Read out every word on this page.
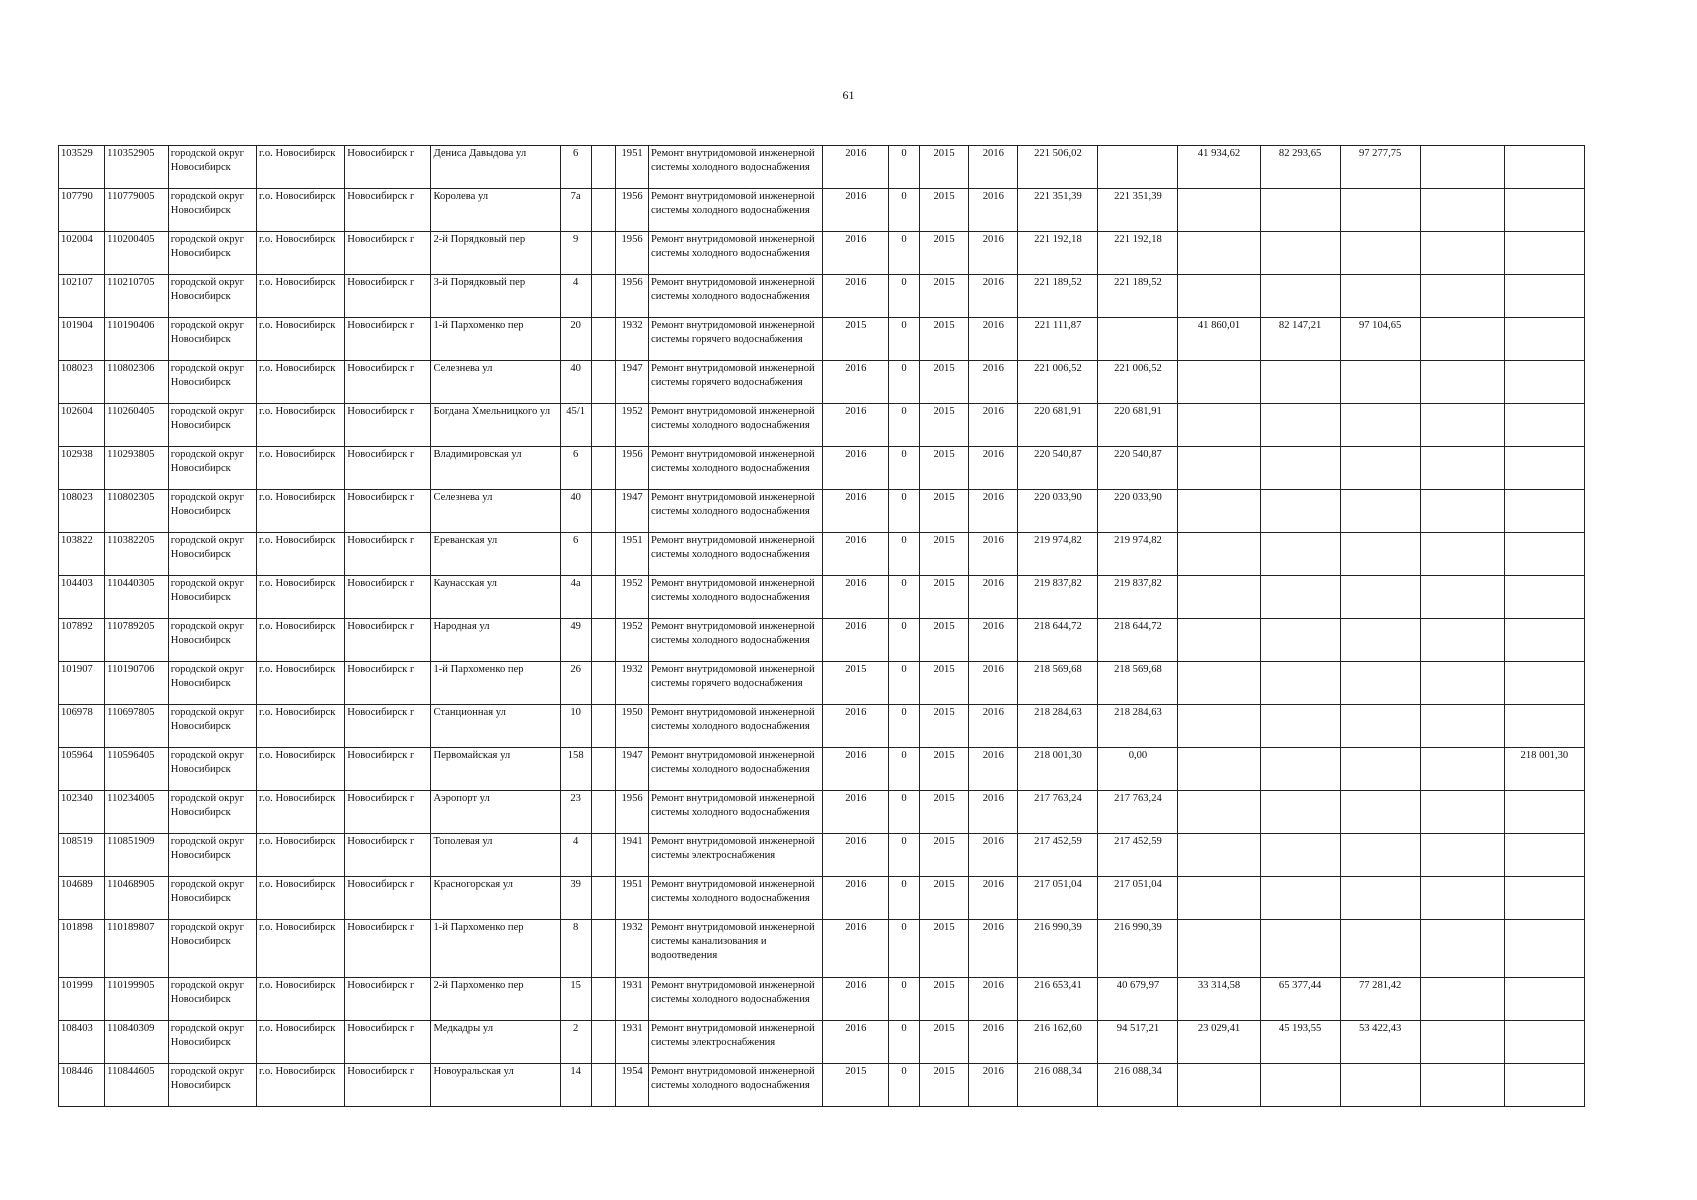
61
103529	110352905	городской округ Новосибирск	г.о. Новосибирск	Новосибирск г	Дениса Давыдова ул	6		1951	Ремонт внутридомовой инженерной системы холодного водоснабжения	2016	0	2015	2016	221 506,02		41 934,62	82 293,65	97 277,75		
107790	110779005	городской округ Новосибирск	г.о. Новосибирск	Новосибирск г	Королева ул	7а		1956	Ремонт внутридомовой инженерной системы холодного водоснабжения	2016	0	2015	2016	221 351,39	221 351,39					
102004	110200405	городской округ Новосибирск	г.о. Новосибирск	Новосибирск г	2-й Порядковый пер	9		1956	Ремонт внутридомовой инженерной системы холодного водоснабжения	2016	0	2015	2016	221 192,18	221 192,18					
102107	110210705	городской округ Новосибирск	г.о. Новосибирск	Новосибирск г	3-й Порядковый пер	4		1956	Ремонт внутридомовой инженерной системы холодного водоснабжения	2016	0	2015	2016	221 189,52	221 189,52					
101904	110190406	городской округ Новосибирск	г.о. Новосибирск	Новосибирск г	1-й Пархоменко пер	20		1932	Ремонт внутридомовой инженерной системы горячего водоснабжения	2015	0	2015	2016	221 111,87		41 860,01	82 147,21	97 104,65		
108023	110802306	городской округ Новосибирск	г.о. Новосибирск	Новосибирск г	Селезнева ул	40		1947	Ремонт внутридомовой инженерной системы горячего водоснабжения	2016	0	2015	2016	221 006,52	221 006,52					
102604	110260405	городской округ Новосибирск	г.о. Новосибирск	Новосибирск г	Богдана Хмельницкого ул	45/1		1952	Ремонт внутридомовой инженерной системы холодного водоснабжения	2016	0	2015	2016	220 681,91	220 681,91					
102938	110293805	городской округ Новосибирск	г.о. Новосибирск	Новосибирск г	Владимировская ул	6		1956	Ремонт внутридомовой инженерной системы холодного водоснабжения	2016	0	2015	2016	220 540,87	220 540,87					
108023	110802305	городской округ Новосибирск	г.о. Новосибирск	Новосибирск г	Селезнева ул	40		1947	Ремонт внутридомовой инженерной системы холодного водоснабжения	2016	0	2015	2016	220 033,90	220 033,90					
103822	110382205	городской округ Новосибирск	г.о. Новосибирск	Новосибирск г	Ереванская ул	6		1951	Ремонт внутридомовой инженерной системы холодного водоснабжения	2016	0	2015	2016	219 974,82	219 974,82					
104403	110440305	городской округ Новосибирск	г.о. Новосибирск	Новосибирск г	Каунасская ул	4а		1952	Ремонт внутридомовой инженерной системы холодного водоснабжения	2016	0	2015	2016	219 837,82	219 837,82					
107892	110789205	городской округ Новосибирск	г.о. Новосибирск	Новосибирск г	Народная ул	49		1952	Ремонт внутридомовой инженерной системы холодного водоснабжения	2016	0	2015	2016	218 644,72	218 644,72					
101907	110190706	городской округ Новосибирск	г.о. Новосибирск	Новосибирск г	1-й Пархоменко пер	26		1932	Ремонт внутридомовой инженерной системы горячего водоснабжения	2015	0	2015	2016	218 569,68	218 569,68					
106978	110697805	городской округ Новосибирск	г.о. Новосибирск	Новосибирск г	Станционная ул	10		1950	Ремонт внутридомовой инженерной системы холодного водоснабжения	2016	0	2015	2016	218 284,63	218 284,63					
105964	110596405	городской округ Новосибирск	г.о. Новосибирск	Новосибирск г	Первомайская ул	158		1947	Ремонт внутридомовой инженерной системы холодного водоснабжения	2016	0	2015	2016	218 001,30	0,00					218 001,30
102340	110234005	городской округ Новосибирск	г.о. Новосибирск	Новосибирск г	Аэропорт ул	23		1956	Ремонт внутридомовой инженерной системы холодного водоснабжения	2016	0	2015	2016	217 763,24	217 763,24					
108519	110851909	городской округ Новосибирск	г.о. Новосибирск	Новосибирск г	Тополевая ул	4		1941	Ремонт внутридомовой инженерной системы электроснабжения	2016	0	2015	2016	217 452,59	217 452,59					
104689	110468905	городской округ Новосибирск	г.о. Новосибирск	Новосибирск г	Красногорская ул	39		1951	Ремонт внутридомовой инженерной системы холодного водоснабжения	2016	0	2015	2016	217 051,04	217 051,04					
101898	110189807	городской округ Новосибирск	г.о. Новосибирск	Новосибирск г	1-й Пархоменко пер	8		1932	Ремонт внутридомовой инженерной системы канализования и водоотведения	2016	0	2015	2016	216 990,39	216 990,39					
101999	110199905	городской округ Новосибирск	г.о. Новосибирск	Новосибирск г	2-й Пархоменко пер	15		1931	Ремонт внутридомовой инженерной системы холодного водоснабжения	2016	0	2015	2016	216 653,41	40 679,97	33 314,58	65 377,44	77 281,42		
108403	110840309	городской округ Новосибирск	г.о. Новосибирск	Новосибирск г	Медкадры ул	2		1931	Ремонт внутридомовой инженерной системы электроснабжения	2016	0	2015	2016	216 162,60	94 517,21	23 029,41	45 193,55	53 422,43		
108446	110844605	городской округ Новосибирск	г.о. Новосибирск	Новосибирск г	Новоуральская ул	14		1954	Ремонт внутридомовой инженерной системы холодного водоснабжения	2015	0	2015	2016	216 088,34	216 088,34					
